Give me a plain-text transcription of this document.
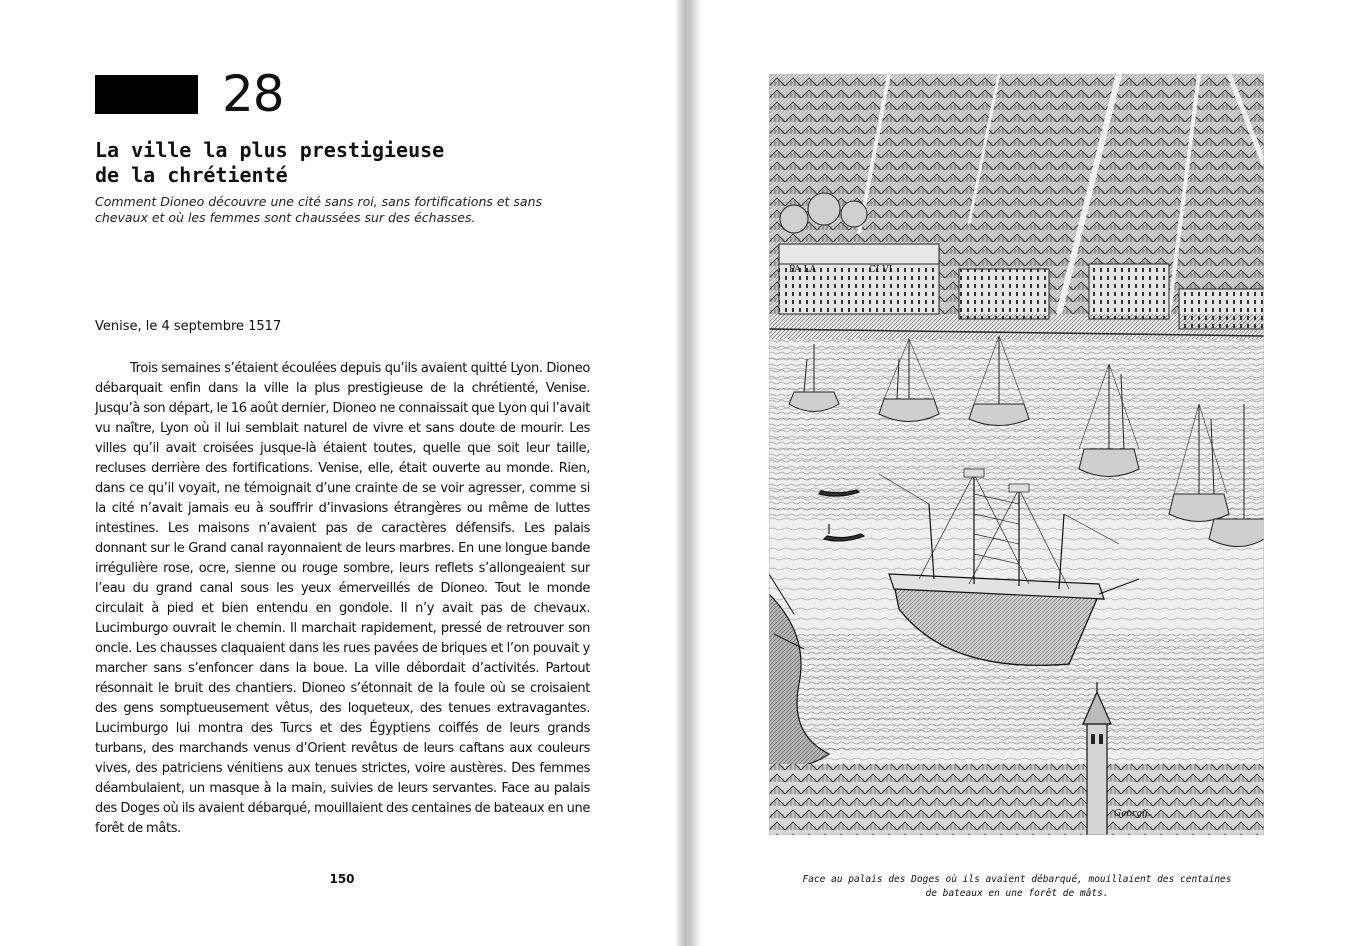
28
La ville la plus prestigieuse
de la chrétienté
Comment Dioneo découvre une cité sans roi, sans fortifications et sans chevaux et où les femmes sont chaussées sur des échasses.
Venise, le 4 septembre 1517

Trois semaines s’étaient écoulées depuis qu’ils avaient quitté Lyon. Dioneo débarquait enfin dans la ville la plus prestigieuse de la chrétienté, Venise. Jusqu’à son départ, le 16 août dernier, Dioneo ne connaissait que Lyon qui l’avait vu naître, Lyon où il lui semblait naturel de vivre et sans doute de mourir. Les villes qu’il avait croisées jusque-là étaient toutes, quelle que soit leur taille, recluses derrière des fortifications. Venise, elle, était ouverte au monde. Rien, dans ce qu’il voyait, ne témoignait d’une crainte de se voir agresser, comme si la cité n’avait jamais eu à souffrir d’invasions étrangères ou même de luttes intestines. Les maisons n’avaient pas de caractères défensifs. Les palais donnant sur le Grand canal rayonnaient de leurs marbres. En une longue bande irrégulière rose, ocre, sienne ou rouge sombre, leurs reflets s’allongeaient sur l’eau du grand canal sous les yeux émerveillés de Dioneo. Tout le monde circulait à pied et bien entendu en gondole. Il n’y avait pas de chevaux. Lucimburgo ouvrait le chemin. Il marchait rapidement, pressé de retrouver son oncle. Les chausses claquaient dans les rues pavées de briques et l’on pouvait y marcher sans s’enfoncer dans la boue. La ville débordait d’activités. Partout résonnait le bruit des chantiers. Dioneo s’étonnait de la foule où se croisaient des gens somptueusement vêtus, des loqueteux, des tenues extravagantes. Lucimburgo lui montra des Turcs et des Égyptiens coiffés de leurs grands turbans, des marchands venus d’Orient revêtus de leurs caftans aux couleurs vives, des patriciens vénitiens aux tenues strictes, voire austères. Des femmes déambulaient, un masque à la main, suivies de leurs servantes. Face au palais des Doges où ils avaient débarqué, mouillaient des centaines de bateaux en une forêt de mâts.

150
PA LA	CI VI
Georgij.
Face au palais des Doges où ils avaient débarqué, mouillaient des centaines
de bateaux en une forêt de mâts.
